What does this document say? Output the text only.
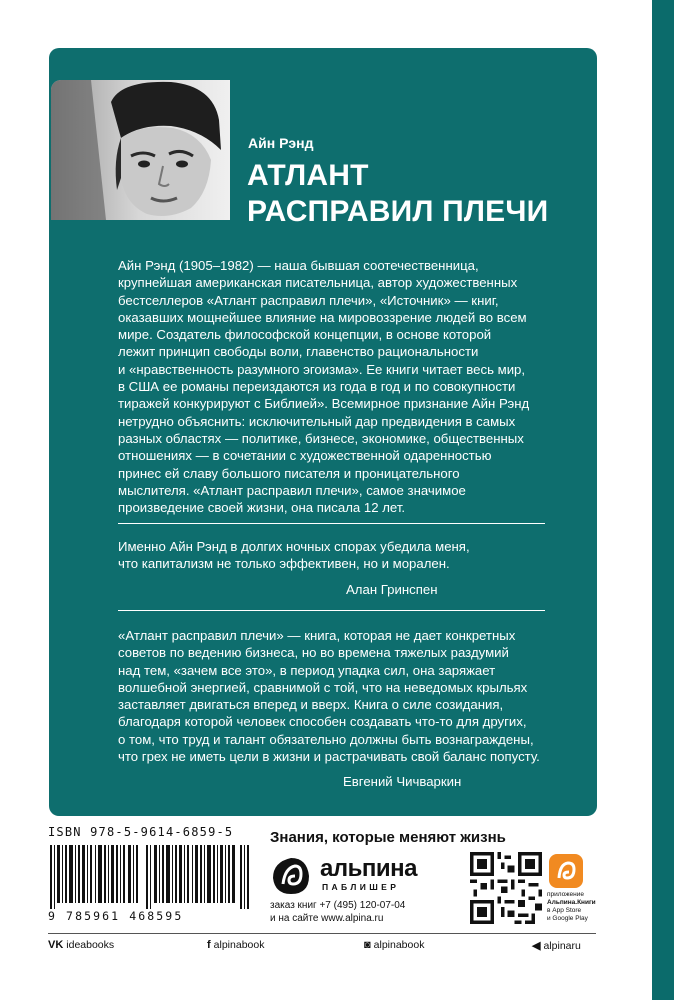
Айн Рэнд
АТЛАНТ
РАСПРАВИЛ ПЛЕЧИ
Айн Рэнд (1905–1982) — наша бывшая соотечественница,
крупнейшая американская писательница, автор художественных
бестселлеров «Атлант расправил плечи», «Источник» — книг,
оказавших мощнейшее влияние на мировоззрение людей во всем
мире. Создатель философской концепции, в основе которой
лежит принцип свободы воли, главенство рациональности
и «нравственность разумного эгоизма». Ее книги читает весь мир,
в США ее романы переиздаются из года в год и по совокупности
тиражей конкурируют с Библией». Всемирное признание Айн Рэнд
нетрудно объяснить: исключительный дар предвидения в самых
разных областях — политике, бизнесе, экономике, общественных
отношениях — в сочетании с художественной одаренностью
принес ей славу большого писателя и проницательного
мыслителя. «Атлант расправил плечи», самое значимое
произведение своей жизни, она писала 12 лет.
Именно Айн Рэнд в долгих ночных спорах убедила меня,
что капитализм не только эффективен, но и морален.
Алан Гринспен
«Атлант расправил плечи» — книга, которая не дает конкретных
советов по ведению бизнеса, но во времена тяжелых раздумий
над тем, «зачем все это», в период упадка сил, она заряжает
волшебной энергией, сравнимой с той, что на неведомых крыльях
заставляет двигаться вперед и вверх. Книга о силе созидания,
благодаря которой человек способен создавать что-то для других,
о том, что труд и талант обязательно должны быть вознаграждены,
что грех не иметь цели в жизни и растрачивать свой баланс попусту.
Евгений Чичваркин
ISBN 978-5-9614-6859-5
9 785961 468595
Знания, которые меняют жизнь
альпина
ПАБЛИШЕР
заказ книг +7 (495) 120-07-04
и на сайте www.alpina.ru
приложение
Альпина.Книги
в App Store
и Google Play
VK ideabooks	f alpinabook	◙ alpinabook	◀ alpinaru
